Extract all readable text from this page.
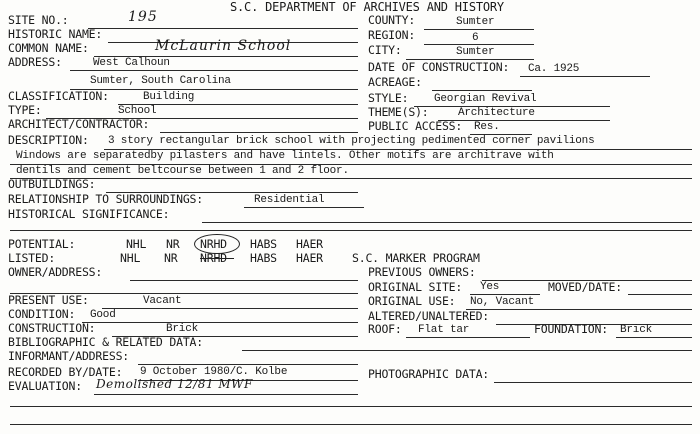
S.C. DEPARTMENT OF ARCHIVES AND HISTORY
SITE NO.:	195
HISTORIC NAME:
COMMON NAME:	McLaurin School
ADDRESS:	West Calhoun
Sumter, South Carolina
CLASSIFICATION:	Building
TYPE:	School
ARCHITECT/CONTRACTOR:
COUNTY:	Sumter
REGION:	6
CITY:	Sumter
DATE OF CONSTRUCTION: Ca. 1925
ACREAGE:
STYLE: Georgian Revival
THEME(S):	Architecture
PUBLIC ACCESS: Res.
DESCRIPTION: 3 story rectangular brick school with projecting pedimented corner pavilions
Windows are separatedby pilasters and have lintels. Other motifs are architrave with
dentils and cement beltcourse between 1 and 2 floor.
OUTBUILDINGS:
RELATIONSHIP TO SURROUNDINGS:	Residential
HISTORICAL SIGNIFICANCE:
POTENTIAL:	NHL NR NRHD HABS HAER
LISTED:	NHL NR NRHD HABS HAER	S.C. MARKER PROGRAM
OWNER/ADDRESS:	PREVIOUS OWNERS:
ORIGINAL SITE: Yes	MOVED/DATE:
PRESENT USE:	Vacant	ORIGINAL USE: No, Vacant
CONDITION: Good	ALTERED/UNALTERED:
CONSTRUCTION:	Brick	ROOF: Flat tar	FOUNDATION: Brick
BIBLIOGRAPHIC & RELATED DATA:
INFORMANT/ADDRESS:
RECORDED BY/DATE: 9 October 1980/C. Kolbe	PHOTOGRAPHIC DATA:
EVALUATION: Demolished 12/81 MWF
